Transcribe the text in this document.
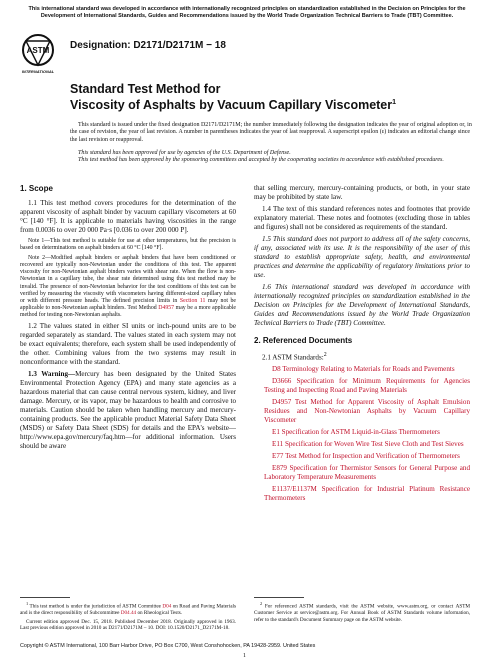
This international standard was developed in accordance with internationally recognized principles on standardization established in the Decision on Principles for the Development of International Standards, Guides and Recommendations issued by the World Trade Organization Technical Barriers to Trade (TBT) Committee.
ASTM
INTERNATIONAL
Designation: D2171/D2171M − 18
Standard Test Method for
Viscosity of Asphalts by Vacuum Capillary Viscometer$^1$

This standard is issued under the fixed designation D2171/D2171M; the number immediately following the designation indicates the year of original adoption or, in the case of revision, the year of last revision. A number in parentheses indicates the year of last reapproval. A superscript epsilon (ε) indicates an editorial change since the last revision or reapproval.

This standard has been approved for use by agencies of the U.S. Department of Defense.

This test method has been approved by the sponsoring committees and accepted by the cooperating societies in accordance with established procedures.

1. Scope

1.1 This test method covers procedures for the determination of the apparent viscosity of asphalt binder by vacuum capillary viscometers at 60 °C [140 °F]. It is applicable to materials having viscosities in the range from 0.0036 to over 20 000 Pa·s [0.036 to over 200 000 P].

Note 1—This test method is suitable for use at other temperatures, but the precision is based on determinations on asphalt binders at 60 °C [140 °F].

Note 2—Modified asphalt binders or asphalt binders that have been conditioned or recovered are typically non-Newtonian under the conditions of this test. The apparent viscosity for non-Newtonian asphalt binders varies with shear rate. When the flow is non-Newtonian in a capillary tube, the shear rate determined using this test method may be invalid. The presence of non-Newtonian behavior for the test conditions of this test can be verified by measuring the viscosity with viscometers having different-sized capillary tubes or with different pressure heads. The defined precision limits in Section 11 may not be applicable to non-Newtonian asphalt binders. Test Method D4957 may be a more applicable method for testing non-Newtonian asphalts.

1.2 The values stated in either SI units or inch-pound units are to be regarded separately as standard. The values stated in each system may not be exact equivalents; therefore, each system shall be used independently of the other. Combining values from the two systems may result in nonconformance with the standard.

1.3 Warning—Mercury has been designated by the United States Environmental Protection Agency (EPA) and many state agencies as a hazardous material that can cause central nervous system, kidney, and liver damage. Mercury, or its vapor, may be hazardous to health and corrosive to materials. Caution should be taken when handling mercury and mercury-containing products. See the applicable product Material Safety Data Sheet (MSDS) or Safety Data Sheet (SDS) for details and the EPA's website—http://www.epa.gov/mercury/faq.htm—for additional information. Users should be aware

that selling mercury, mercury-containing products, or both, in your state may be prohibited by state law.

1.4 The text of this standard references notes and footnotes that provide explanatory material. These notes and footnotes (excluding those in tables and figures) shall not be considered as requirements of the standard.

1.5 This standard does not purport to address all of the safety concerns, if any, associated with its use. It is the responsibility of the user of this standard to establish appropriate safety, health, and environmental practices and determine the applicability of regulatory limitations prior to use.

1.6 This international standard was developed in accordance with internationally recognized principles on standardization established in the Decision on Principles for the Development of International Standards, Guides and Recommendations issued by the World Trade Organization Technical Barriers to Trade (TBT) Committee.

2. Referenced Documents

2.1 ASTM Standards:$^2$

D8 Terminology Relating to Materials for Roads and Pavements

D3666 Specification for Minimum Requirements for Agencies Testing and Inspecting Road and Paving Materials

D4957 Test Method for Apparent Viscosity of Asphalt Emulsion Residues and Non-Newtonian Asphalts by Vacuum Capillary Viscometer

E1 Specification for ASTM Liquid-in-Glass Thermometers

E11 Specification for Woven Wire Test Sieve Cloth and Test Sieves

E77 Test Method for Inspection and Verification of Thermometers

E879 Specification for Thermistor Sensors for General Purpose and Laboratory Temperature Measurements

E1137/E1137M Specification for Industrial Platinum Resistance Thermometers

$^1$ This test method is under the jurisdiction of ASTM Committee D04 on Road and Paving Materials and is the direct responsibility of Subcommittee D04.44 on Rheological Tests.

Current edition approved Dec. 15, 2018. Published December 2018. Originally approved in 1963. Last previous edition approved in 2010 as D2171/D2171M – 10. DOI: 10.1520/D2171_D2171M-18.

$^2$ For referenced ASTM standards, visit the ASTM website, www.astm.org, or contact ASTM Customer Service at service@astm.org. For Annual Book of ASTM Standards volume information, refer to the standard's Document Summary page on the ASTM website.

Copyright © ASTM International, 100 Barr Harbor Drive, PO Box C700, West Conshohocken, PA 19428-2959. United States
1
